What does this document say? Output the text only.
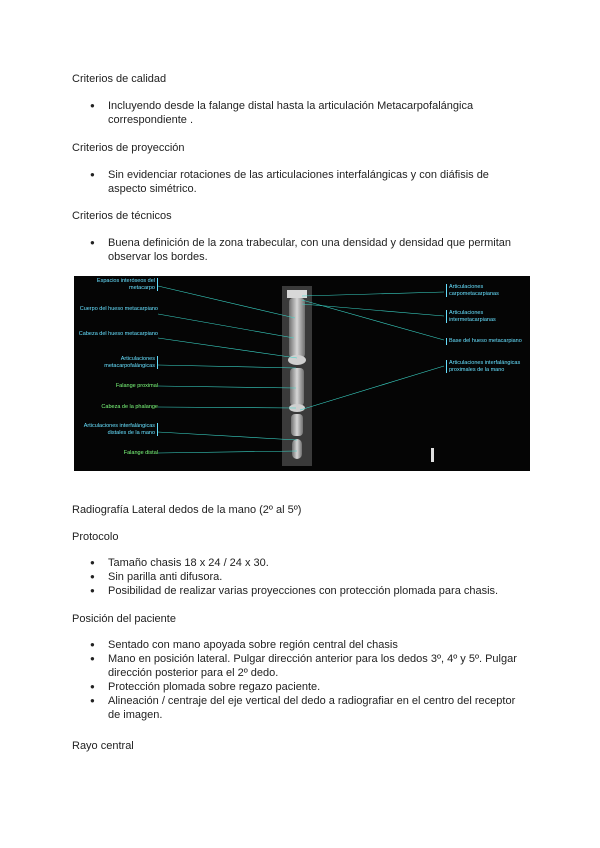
Criterios de calidad
● Incluyendo desde la falange distal hasta la articulación Metacarpofalángica correspondiente .
Criterios de proyección
● Sin evidenciar rotaciones de las articulaciones interfalángicas y con diáfisis de aspecto simétrico.
Criterios de técnicos
● Buena definición de la zona trabecular, con una densidad y densidad que permitan observar los bordes.
Espacios interóseos del metacarpo
Cuerpo del hueso metacarpiano
Cabeza del hueso metacarpiano
Articulaciones metacarpofalángicas
Falange proximal
Cabeza de la phalange
Articulaciones interfalángicas distales de la mano
Falange distal
Articulaciones carpometacarpianas
Articulaciones intermetacarpianas
Base del hueso metacarpiano
Articulaciones interfalángicas proximales de la mano
Radiografía Lateral dedos de la mano (2º al 5º)
Protocolo
● Tamaño chasis 18 x 24 / 24 x 30.
● Sin parilla anti difusora.
● Posibilidad de realizar varias proyecciones con protección plomada para chasis.
Posición del paciente
● Sentado con mano apoyada sobre región central del chasis
● Mano en posición lateral. Pulgar dirección anterior para los dedos 3º, 4º y 5º. Pulgar dirección posterior para el 2º dedo.
● Protección plomada sobre regazo paciente.
● Alineación / centraje del eje vertical del dedo a radiografiar en el centro del receptor de imagen.
Rayo central
